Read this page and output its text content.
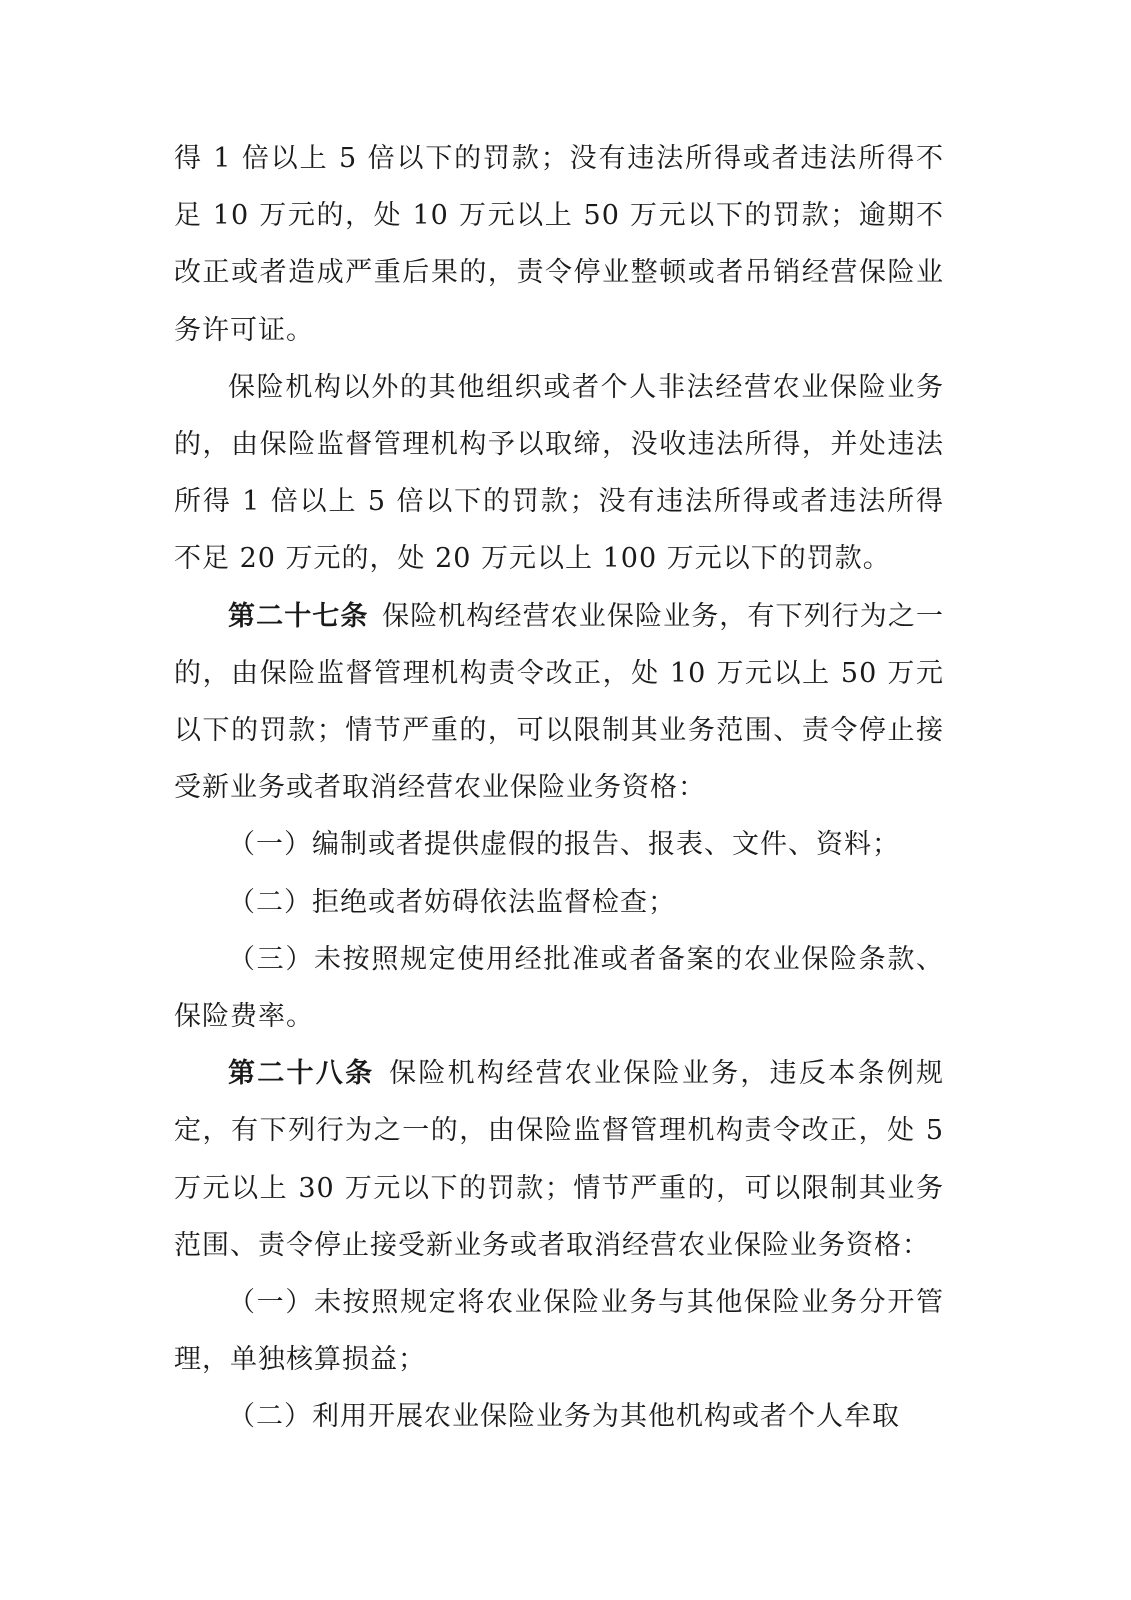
得 1 倍以上 5 倍以下的罚款；没有违法所得或者违法所得不足 10 万元的，处 10 万元以上 50 万元以下的罚款；逾期不改正或者造成严重后果的，责令停业整顿或者吊销经营保险业务许可证。

保险机构以外的其他组织或者个人非法经营农业保险业务的，由保险监督管理机构予以取缔，没收违法所得，并处违法所得 1 倍以上 5 倍以下的罚款；没有违法所得或者违法所得不足 20 万元的，处 20 万元以上 100 万元以下的罚款。

第二十七条 保险机构经营农业保险业务，有下列行为之一的，由保险监督管理机构责令改正，处 10 万元以上 50 万元以下的罚款；情节严重的，可以限制其业务范围、责令停止接受新业务或者取消经营农业保险业务资格：

（一）编制或者提供虚假的报告、报表、文件、资料；

（二）拒绝或者妨碍依法监督检查；

（三）未按照规定使用经批准或者备案的农业保险条款、保险费率。

第二十八条 保险机构经营农业保险业务，违反本条例规定，有下列行为之一的，由保险监督管理机构责令改正，处 5 万元以上 30 万元以下的罚款；情节严重的，可以限制其业务范围、责令停止接受新业务或者取消经营农业保险业务资格：

（一）未按照规定将农业保险业务与其他保险业务分开管理，单独核算损益；

（二）利用开展农业保险业务为其他机构或者个人牟取
